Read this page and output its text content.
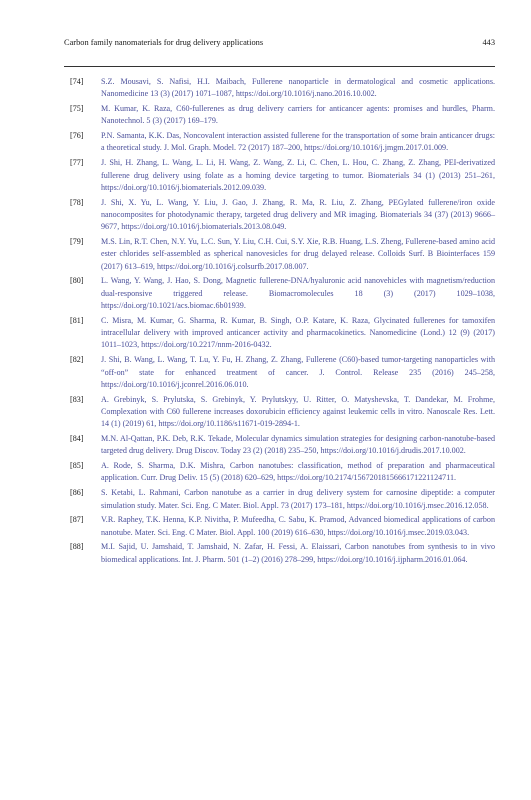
Carbon family nanomaterials for drug delivery applications	443
[74] S.Z. Mousavi, S. Nafisi, H.I. Maibach, Fullerene nanoparticle in dermatological and cosmetic applications. Nanomedicine 13 (3) (2017) 1071–1087, https://doi.org/10.1016/j.nano.2016.10.002.
[75] M. Kumar, K. Raza, C60-fullerenes as drug delivery carriers for anticancer agents: promises and hurdles, Pharm. Nanotechnol. 5 (3) (2017) 169–179.
[76] P.N. Samanta, K.K. Das, Noncovalent interaction assisted fullerene for the transportation of some brain anticancer drugs: a theoretical study. J. Mol. Graph. Model. 72 (2017) 187–200, https://doi.org/10.1016/j.jmgm.2017.01.009.
[77] J. Shi, H. Zhang, L. Wang, L. Li, H. Wang, Z. Wang, Z. Li, C. Chen, L. Hou, C. Zhang, Z. Zhang, PEI-derivatized fullerene drug delivery using folate as a homing device targeting to tumor. Biomaterials 34 (1) (2013) 251–261, https://doi.org/10.1016/j.biomaterials.2012.09.039.
[78] J. Shi, X. Yu, L. Wang, Y. Liu, J. Gao, J. Zhang, R. Ma, R. Liu, Z. Zhang, PEGylated fullerene/iron oxide nanocomposites for photodynamic therapy, targeted drug delivery and MR imaging. Biomaterials 34 (37) (2013) 9666–9677, https://doi.org/10.1016/j.biomaterials.2013.08.049.
[79] M.S. Lin, R.T. Chen, N.Y. Yu, L.C. Sun, Y. Liu, C.H. Cui, S.Y. Xie, R.B. Huang, L.S. Zheng, Fullerene-based amino acid ester chlorides self-assembled as spherical nanovesicles for drug delayed release. Colloids Surf. B Biointerfaces 159 (2017) 613–619, https://doi.org/10.1016/j.colsurfb.2017.08.007.
[80] L. Wang, Y. Wang, J. Hao, S. Dong, Magnetic fullerene-DNA/hyaluronic acid nanovehicles with magnetism/reduction dual-responsive triggered release. Biomacromolecules 18 (3) (2017) 1029–1038, https://doi.org/10.1021/acs.biomac.6b01939.
[81] C. Misra, M. Kumar, G. Sharma, R. Kumar, B. Singh, O.P. Katare, K. Raza, Glycinated fullerenes for tamoxifen intracellular delivery with improved anticancer activity and pharmacokinetics. Nanomedicine (Lond.) 12 (9) (2017) 1011–1023, https://doi.org/10.2217/nnm-2016-0432.
[82] J. Shi, B. Wang, L. Wang, T. Lu, Y. Fu, H. Zhang, Z. Zhang, Fullerene (C60)-based tumor-targeting nanoparticles with “off-on” state for enhanced treatment of cancer. J. Control. Release 235 (2016) 245–258, https://doi.org/10.1016/j.jconrel.2016.06.010.
[83] A. Grebinyk, S. Prylutska, S. Grebinyk, Y. Prylutskyy, U. Ritter, O. Matyshevska, T. Dandekar, M. Frohme, Complexation with C60 fullerene increases doxorubicin efficiency against leukemic cells in vitro. Nanoscale Res. Lett. 14 (1) (2019) 61, https://doi.org/10.1186/s11671-019-2894-1.
[84] M.N. Al-Qattan, P.K. Deb, R.K. Tekade, Molecular dynamics simulation strategies for designing carbon-nanotube-based targeted drug delivery. Drug Discov. Today 23 (2) (2018) 235–250, https://doi.org/10.1016/j.drudis.2017.10.002.
[85] A. Rode, S. Sharma, D.K. Mishra, Carbon nanotubes: classification, method of preparation and pharmaceutical application. Curr. Drug Deliv. 15 (5) (2018) 620–629, https://doi.org/10.2174/1567201815666171221124711.
[86] S. Ketabi, L. Rahmani, Carbon nanotube as a carrier in drug delivery system for carnosine dipeptide: a computer simulation study. Mater. Sci. Eng. C Mater. Biol. Appl. 73 (2017) 173–181, https://doi.org/10.1016/j.msec.2016.12.058.
[87] V.R. Raphey, T.K. Henna, K.P. Nivitha, P. Mufeedha, C. Sabu, K. Pramod, Advanced biomedical applications of carbon nanotube. Mater. Sci. Eng. C Mater. Biol. Appl. 100 (2019) 616–630, https://doi.org/10.1016/j.msec.2019.03.043.
[88] M.I. Sajid, U. Jamshaid, T. Jamshaid, N. Zafar, H. Fessi, A. Elaissari, Carbon nanotubes from synthesis to in vivo biomedical applications. Int. J. Pharm. 501 (1–2) (2016) 278–299, https://doi.org/10.1016/j.ijpharm.2016.01.064.
